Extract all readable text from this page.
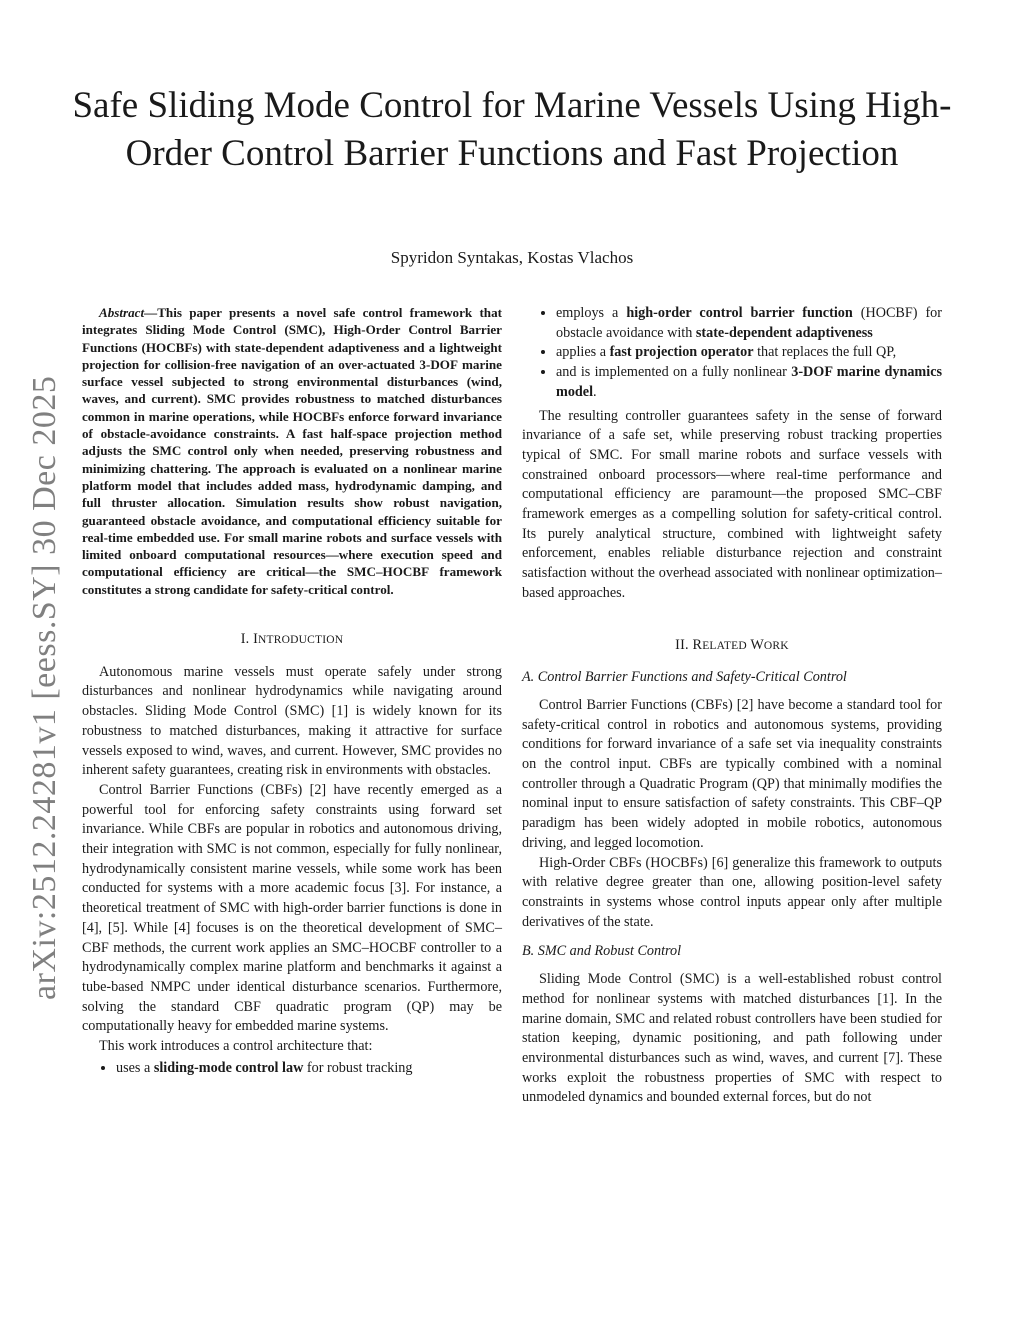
arXiv:2512.24281v1 [eess.SY] 30 Dec 2025
Safe Sliding Mode Control for Marine Vessels Using High-Order Control Barrier Functions and Fast Projection
Spyridon Syntakas, Kostas Vlachos

Abstract—This paper presents a novel safe control framework that integrates Sliding Mode Control (SMC), High-Order Control Barrier Functions (HOCBFs) with state-dependent adaptiveness and a lightweight projection for collision-free navigation of an over-actuated 3-DOF marine surface vessel subjected to strong environmental disturbances (wind, waves, and current). SMC provides robustness to matched disturbances common in marine operations, while HOCBFs enforce forward invariance of obstacle-avoidance constraints. A fast half-space projection method adjusts the SMC control only when needed, preserving robustness and minimizing chattering. The approach is evaluated on a nonlinear marine platform model that includes added mass, hydrodynamic damping, and full thruster allocation. Simulation results show robust navigation, guaranteed obstacle avoidance, and computational efficiency suitable for real-time embedded use. For small marine robots and surface vessels with limited onboard computational resources—where execution speed and computational efficiency are critical—the SMC–HOCBF framework constitutes a strong candidate for safety-critical control.

I. INTRODUCTION

Autonomous marine vessels must operate safely under strong disturbances and nonlinear hydrodynamics while navigating around obstacles. Sliding Mode Control (SMC) [1] is widely known for its robustness to matched disturbances, making it attractive for surface vessels exposed to wind, waves, and current. However, SMC provides no inherent safety guarantees, creating risk in environments with obstacles.

Control Barrier Functions (CBFs) [2] have recently emerged as a powerful tool for enforcing safety constraints using forward set invariance. While CBFs are popular in robotics and autonomous driving, their integration with SMC is not common, especially for fully nonlinear, hydrodynamically consistent marine vessels, while some work has been conducted for systems with a more academic focus [3]. For instance, a theoretical treatment of SMC with high-order barrier functions is done in [4], [5]. While [4] focuses is on the theoretical development of SMC–CBF methods, the current work applies an SMC–HOCBF controller to a hydrodynamically complex marine platform and benchmarks it against a tube-based NMPC under identical disturbance scenarios. Furthermore, solving the standard CBF quadratic program (QP) may be computationally heavy for embedded marine systems.

This work introduces a control architecture that:

• uses a sliding-mode control law for robust tracking
• employs a high-order control barrier function (HOCBF) for obstacle avoidance with state-dependent adaptiveness
• applies a fast projection operator that replaces the full QP,
• and is implemented on a fully nonlinear 3-DOF marine dynamics model.

The resulting controller guarantees safety in the sense of forward invariance of a safe set, while preserving robust tracking properties typical of SMC. For small marine robots and surface vessels with constrained onboard processors—where real-time performance and computational efficiency are paramount—the proposed SMC–CBF framework emerges as a compelling solution for safety-critical control. Its purely analytical structure, combined with lightweight safety enforcement, enables reliable disturbance rejection and constraint satisfaction without the overhead associated with nonlinear optimization–based approaches.

II. RELATED WORK
A. Control Barrier Functions and Safety-Critical Control

Control Barrier Functions (CBFs) [2] have become a standard tool for safety-critical control in robotics and autonomous systems, providing conditions for forward invariance of a safe set via inequality constraints on the control input. CBFs are typically combined with a nominal controller through a Quadratic Program (QP) that minimally modifies the nominal input to ensure satisfaction of safety constraints. This CBF–QP paradigm has been widely adopted in mobile robotics, autonomous driving, and legged locomotion.

High-Order CBFs (HOCBFs) [6] generalize this framework to outputs with relative degree greater than one, allowing position-level safety constraints in systems whose control inputs appear only after multiple derivatives of the state.

B. SMC and Robust Control

Sliding Mode Control (SMC) is a well-established robust control method for nonlinear systems with matched disturbances [1]. In the marine domain, SMC and related robust controllers have been studied for station keeping, dynamic positioning, and path following under environmental disturbances such as wind, waves, and current [7]. These works exploit the robustness properties of SMC with respect to unmodeled dynamics and bounded external forces, but do not
